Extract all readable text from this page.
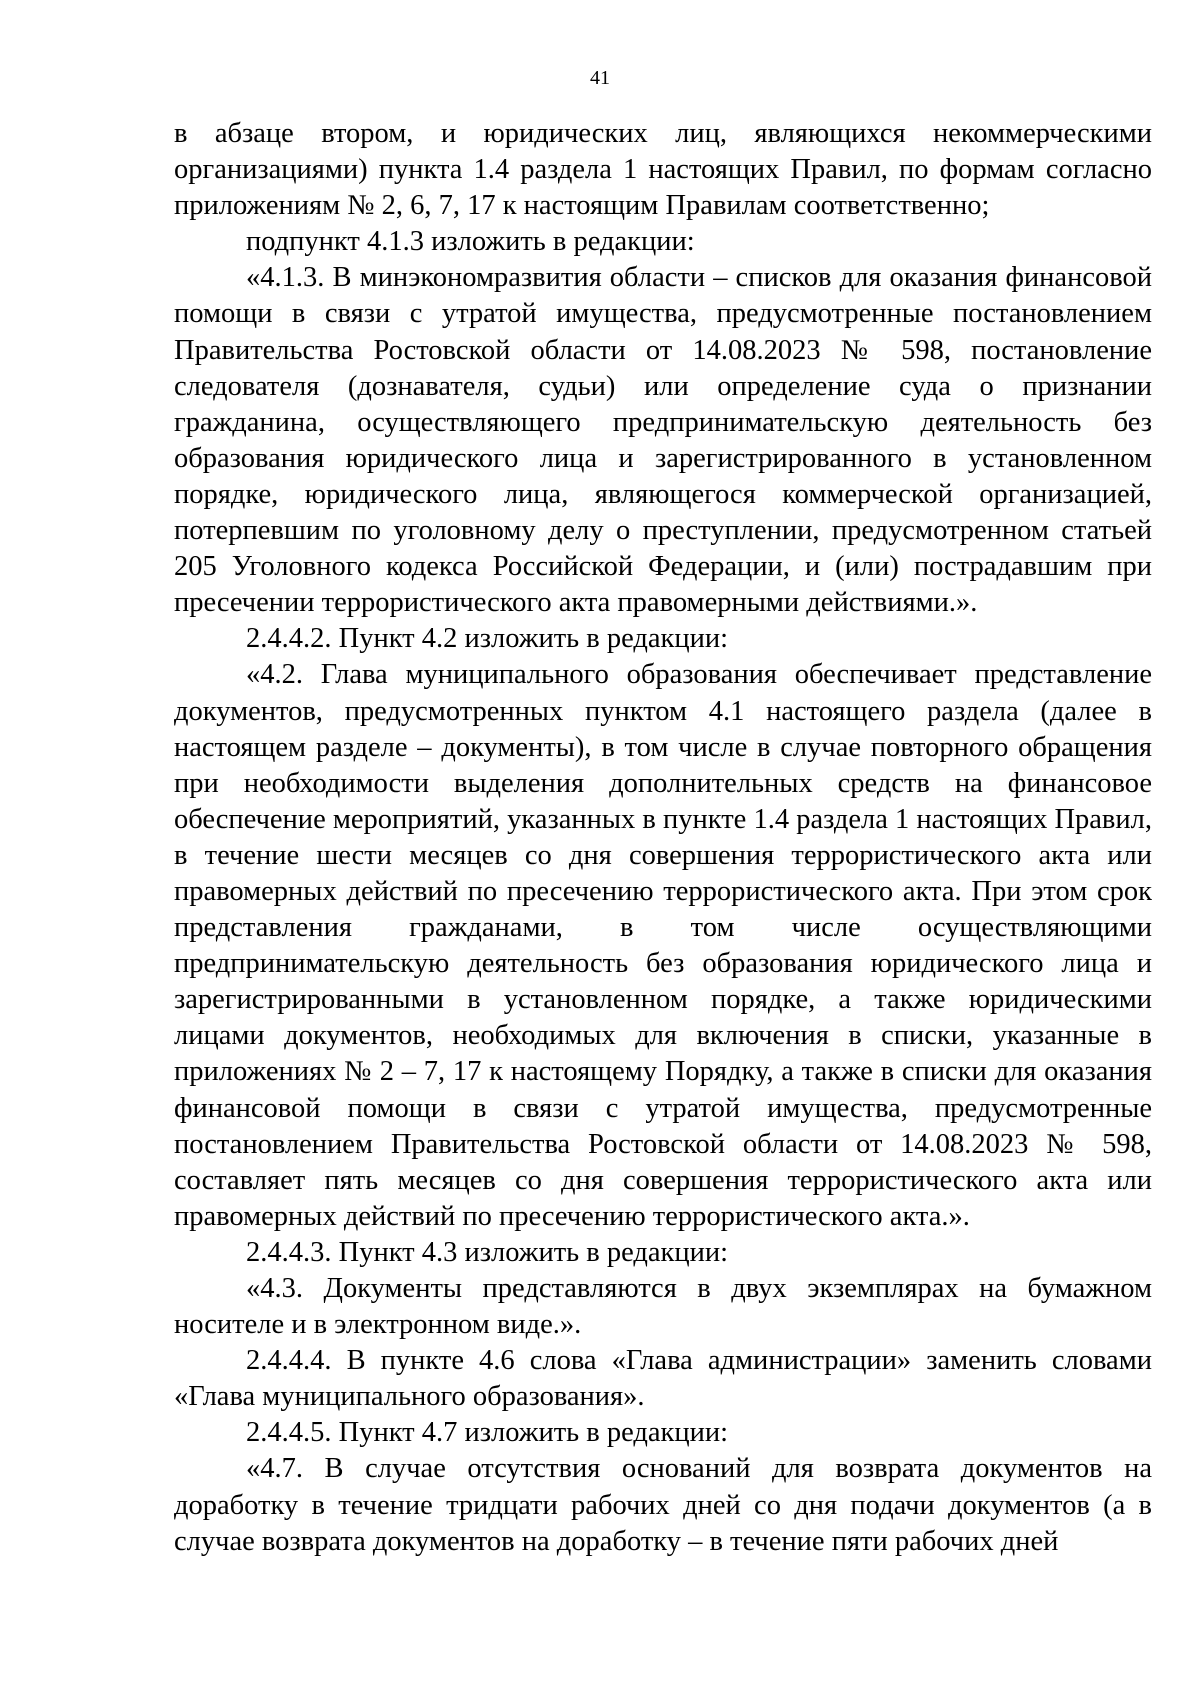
41

в абзаце втором, и юридических лиц, являющихся некоммерческими организациями) пункта 1.4 раздела 1 настоящих Правил, по формам согласно приложениям № 2, 6, 7, 17 к настоящим Правилам соответственно;

подпункт 4.1.3 изложить в редакции:

«4.1.3. В минэкономразвития области – списков для оказания финансовой помощи в связи с утратой имущества, предусмотренные постановлением Правительства Ростовской области от 14.08.2023 № 598, постановление следователя (дознавателя, судьи) или определение суда о признании гражданина, осуществляющего предпринимательскую деятельность без образования юридического лица и зарегистрированного в установленном порядке, юридического лица, являющегося коммерческой организацией, потерпевшим по уголовному делу о преступлении, предусмотренном статьей 205 Уголовного кодекса Российской Федерации, и (или) пострадавшим при пресечении террористического акта правомерными действиями.».

2.4.4.2. Пункт 4.2 изложить в редакции:

«4.2. Глава муниципального образования обеспечивает представление документов, предусмотренных пунктом 4.1 настоящего раздела (далее в настоящем разделе – документы), в том числе в случае повторного обращения при необходимости выделения дополнительных средств на финансовое обеспечение мероприятий, указанных в пункте 1.4 раздела 1 настоящих Правил, в течение шести месяцев со дня совершения террористического акта или правомерных действий по пресечению террористического акта. При этом срок представления гражданами, в том числе осуществляющими предпринимательскую деятельность без образования юридического лица и зарегистрированными в установленном порядке, а также юридическими лицами документов, необходимых для включения в списки, указанные в приложениях № 2 – 7, 17 к настоящему Порядку, а также в списки для оказания финансовой помощи в связи с утратой имущества, предусмотренные постановлением Правительства Ростовской области от 14.08.2023 № 598, составляет пять месяцев со дня совершения террористического акта или правомерных действий по пресечению террористического акта.».

2.4.4.3. Пункт 4.3 изложить в редакции:

«4.3. Документы представляются в двух экземплярах на бумажном носителе и в электронном виде.».

2.4.4.4. В пункте 4.6 слова «Глава администрации» заменить словами «Глава муниципального образования».

2.4.4.5. Пункт 4.7 изложить в редакции:

«4.7. В случае отсутствия оснований для возврата документов на доработку в течение тридцати рабочих дней со дня подачи документов (а в случае возврата документов на доработку – в течение пяти рабочих дней
